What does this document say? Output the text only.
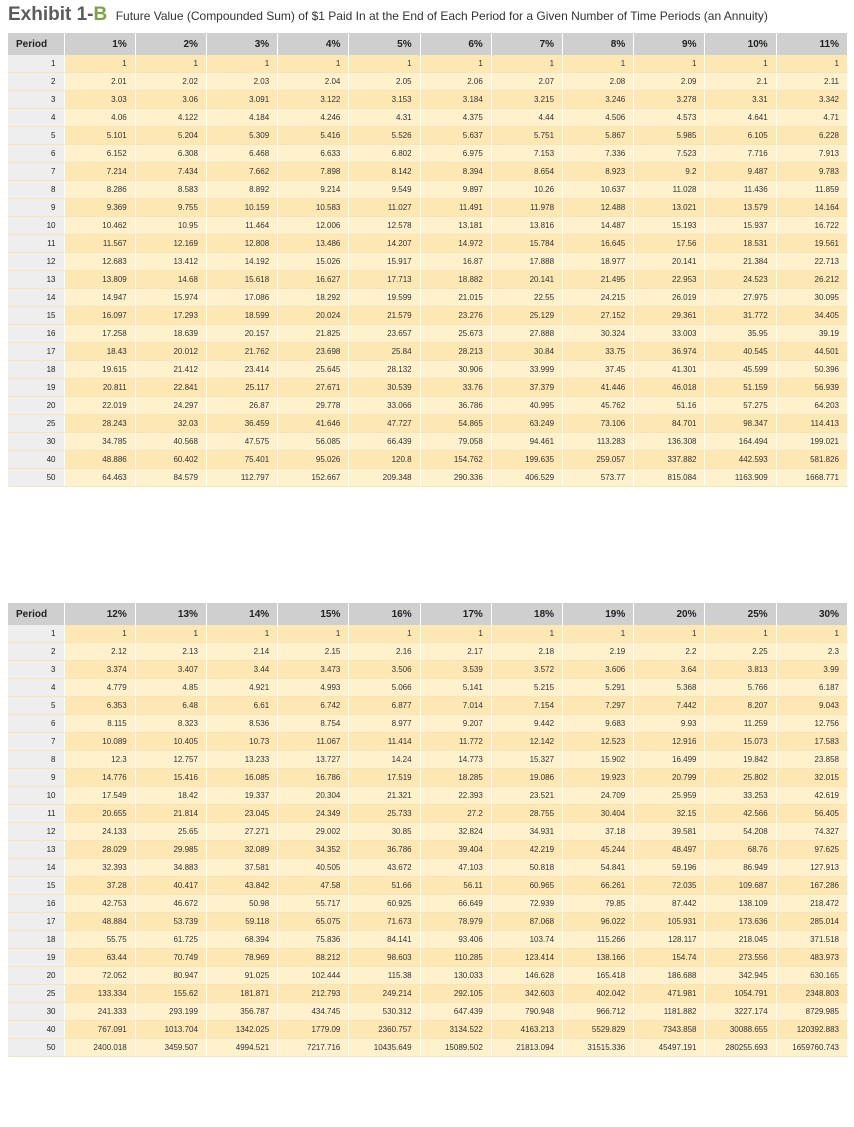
Exhibit 1-B Future Value (Compounded Sum) of $1 Paid In at the End of Each Period for a Given Number of Time Periods (an Annuity)
Period	1%	2%	3%	4%	5%	6%	7%	8%	9%	10%	11%
1	1	1	1	1	1	1	1	1	1	1	1
2	2.01	2.02	2.03	2.04	2.05	2.06	2.07	2.08	2.09	2.1	2.11
3	3.03	3.06	3.091	3.122	3.153	3.184	3.215	3.246	3.278	3.31	3.342
4	4.06	4.122	4.184	4.246	4.31	4.375	4.44	4.506	4.573	4.641	4.71
5	5.101	5.204	5.309	5.416	5.526	5.637	5.751	5.867	5.985	6.105	6.228
6	6.152	6.308	6.468	6.633	6.802	6.975	7.153	7.336	7.523	7.716	7.913
7	7.214	7.434	7.662	7.898	8.142	8.394	8.654	8.923	9.2	9.487	9.783
8	8.286	8.583	8.892	9.214	9.549	9.897	10.26	10.637	11.028	11.436	11.859
9	9.369	9.755	10.159	10.583	11.027	11.491	11.978	12.488	13.021	13.579	14.164
10	10.462	10.95	11.464	12.006	12.578	13.181	13.816	14.487	15.193	15.937	16.722
11	11.567	12.169	12.808	13.486	14.207	14.972	15.784	16.645	17.56	18.531	19.561
12	12.683	13.412	14.192	15.026	15.917	16.87	17.888	18.977	20.141	21.384	22.713
13	13.809	14.68	15.618	16.627	17.713	18.882	20.141	21.495	22.953	24.523	26.212
14	14.947	15.974	17.086	18.292	19.599	21.015	22.55	24.215	26.019	27.975	30.095
15	16.097	17.293	18.599	20.024	21.579	23.276	25.129	27.152	29.361	31.772	34.405
16	17.258	18.639	20.157	21.825	23.657	25.673	27.888	30.324	33.003	35.95	39.19
17	18.43	20.012	21.762	23.698	25.84	28.213	30.84	33.75	36.974	40.545	44.501
18	19.615	21.412	23.414	25.645	28.132	30.906	33.999	37.45	41.301	45.599	50.396
19	20.811	22.841	25.117	27.671	30.539	33.76	37.379	41.446	46.018	51.159	56.939
20	22.019	24.297	26.87	29.778	33.066	36.786	40.995	45.762	51.16	57.275	64.203
25	28.243	32.03	36.459	41.646	47.727	54.865	63.249	73.106	84.701	98.347	114.413
30	34.785	40.568	47.575	56.085	66.439	79.058	94.461	113.283	136.308	164.494	199.021
40	48.886	60.402	75.401	95.026	120.8	154.762	199.635	259.057	337.882	442.593	581.826
50	64.463	84.579	112.797	152.667	209.348	290.336	406.529	573.77	815.084	1163.909	1668.771
Period	12%	13%	14%	15%	16%	17%	18%	19%	20%	25%	30%
1	1	1	1	1	1	1	1	1	1	1	1
2	2.12	2.13	2.14	2.15	2.16	2.17	2.18	2.19	2.2	2.25	2.3
3	3.374	3.407	3.44	3.473	3.506	3.539	3.572	3.606	3.64	3.813	3.99
4	4.779	4.85	4.921	4.993	5.066	5.141	5.215	5.291	5.368	5.766	6.187
5	6.353	6.48	6.61	6.742	6.877	7.014	7.154	7.297	7.442	8.207	9.043
6	8.115	8.323	8.536	8.754	8.977	9.207	9.442	9.683	9.93	11.259	12.756
7	10.089	10.405	10.73	11.067	11.414	11.772	12.142	12.523	12.916	15.073	17.583
8	12.3	12.757	13.233	13.727	14.24	14.773	15.327	15.902	16.499	19.842	23.858
9	14.776	15.416	16.085	16.786	17.519	18.285	19.086	19.923	20.799	25.802	32.015
10	17.549	18.42	19.337	20.304	21.321	22.393	23.521	24.709	25.959	33.253	42.619
11	20.655	21.814	23.045	24.349	25.733	27.2	28.755	30.404	32.15	42.566	56.405
12	24.133	25.65	27.271	29.002	30.85	32.824	34.931	37.18	39.581	54.208	74.327
13	28.029	29.985	32.089	34.352	36.786	39.404	42.219	45.244	48.497	68.76	97.625
14	32.393	34.883	37.581	40.505	43.672	47.103	50.818	54.841	59.196	86.949	127.913
15	37.28	40.417	43.842	47.58	51.66	56.11	60.965	66.261	72.035	109.687	167.286
16	42.753	46.672	50.98	55.717	60.925	66.649	72.939	79.85	87.442	138.109	218.472
17	48.884	53.739	59.118	65.075	71.673	78.979	87.068	96.022	105.931	173.636	285.014
18	55.75	61.725	68.394	75.836	84.141	93.406	103.74	115.266	128.117	218.045	371.518
19	63.44	70.749	78.969	88.212	98.603	110.285	123.414	138.166	154.74	273.556	483.973
20	72.052	80.947	91.025	102.444	115.38	130.033	146.628	165.418	186.688	342.945	630.165
25	133.334	155.62	181.871	212.793	249.214	292.105	342.603	402.042	471.981	1054.791	2348.803
30	241.333	293.199	356.787	434.745	530.312	647.439	790.948	966.712	1181.882	3227.174	8729.985
40	767.091	1013.704	1342.025	1779.09	2360.757	3134.522	4163.213	5529.829	7343.858	30088.655	120392.883
50	2400.018	3459.507	4994.521	7217.716	10435.649	15089.502	21813.094	31515.336	45497.191	280255.693	1659760.743
